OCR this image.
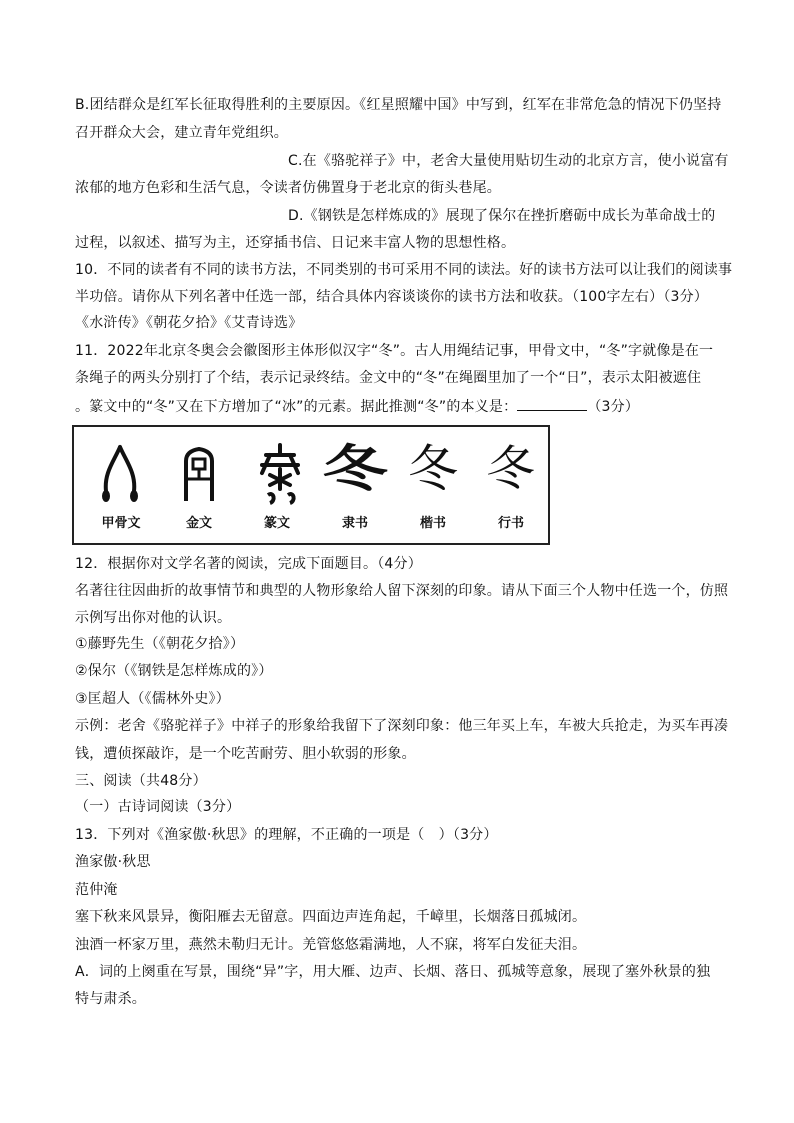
B.团结群众是红军长征取得胜利的主要原因。《红星照耀中国》中写到，红军在非常危急的情况下仍坚持
召开群众大会，建立青年党组织。
C.在《骆驼祥子》中，老舍大量使用贴切生动的北京方言，使小说富有
浓郁的地方色彩和生活气息，令读者仿佛置身于老北京的街头巷尾。
D.《钢铁是怎样炼成的》展现了保尔在挫折磨砺中成长为革命战士的
过程，以叙述、描写为主，还穿插书信、日记来丰富人物的思想性格。
10．不同的读者有不同的读书方法，不同类别的书可采用不同的读法。好的读书方法可以让我们的阅读事
半功倍。请你从下列名著中任选一部，结合具体内容谈谈你的读书方法和收获。（100字左右）（3分）
《水浒传》《朝花夕拾》《艾青诗选》
11．2022年北京冬奥会会徽图形主体形似汉字“冬”。古人用绳结记事，甲骨文中，“冬”字就像是在一
条绳子的两头分别打了个结，表示记录终结。金文中的“冬”在绳圈里加了一个“日”，表示太阳被遮住
。篆文中的“冬”又在下方增加了“冰”的元素。据此推测“冬”的本义是：	（3分）
甲骨文	金文	篆文
冬
隶书
冬
楷书
冬
行书
12．根据你对文学名著的阅读，完成下面题目。（4分）
名著往往因曲折的故事情节和典型的人物形象给人留下深刻的印象。请从下面三个人物中任选一个，仿照
示例写出你对他的认识。
①藤野先生（《朝花夕拾》）
②保尔（《钢铁是怎样炼成的》）
③匡超人（《儒林外史》）
示例：老舍《骆驼祥子》中祥子的形象给我留下了深刻印象：他三年买上车，车被大兵抢走，为买车再凑
钱，遭侦探敲诈，是一个吃苦耐劳、胆小软弱的形象。
三、阅读（共48分）
（一）古诗词阅读（3分）
13．下列对《渔家傲·秋思》的理解，不正确的一项是（　）（3分）
渔家傲·秋思
范仲淹
塞下秋来风景异，衡阳雁去无留意。四面边声连角起，千嶂里，长烟落日孤城闭。
浊酒一杯家万里，燕然未勒归无计。羌管悠悠霜满地，人不寐，将军白发征夫泪。
A．词的上阕重在写景，围绕“异”字，用大雁、边声、长烟、落日、孤城等意象，展现了塞外秋景的独
特与肃杀。
